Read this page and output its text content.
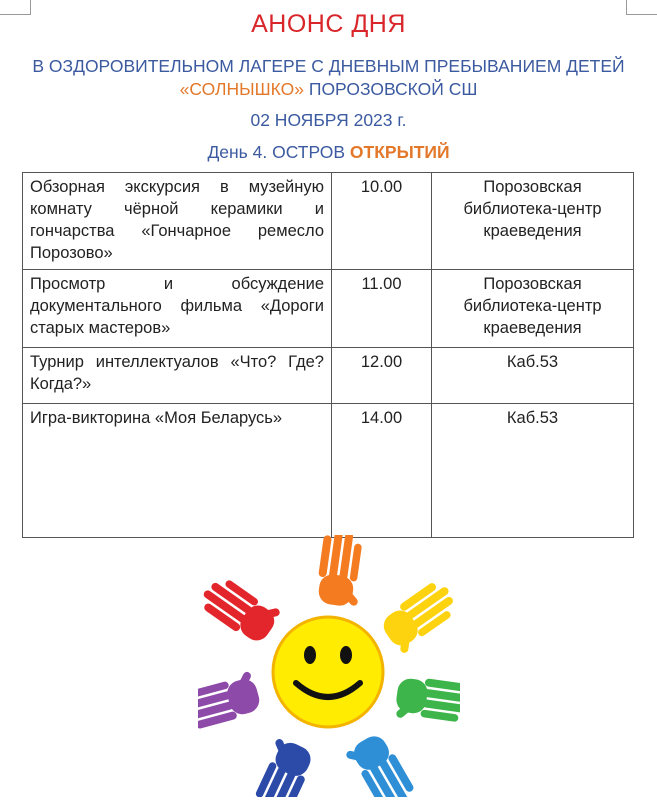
АНОНС ДНЯ
В ОЗДОРОВИТЕЛЬНОМ ЛАГЕРЕ С ДНЕВНЫМ ПРЕБЫВАНИЕМ ДЕТЕЙ
«СОЛНЫШКО» ПОРОЗОВСКОЙ СШ
02 НОЯБРЯ 2023 г.
День 4. ОСТРОВ ОТКРЫТИЙ
Обзорная экскурсия в музейную комнату чёрной керамики и гончарства «Гончарное ремесло Порозово»	10.00	Порозовская библиотека-центр краеведения
Просмотр и обсуждение документального фильма «Дороги старых мастеров»	11.00	Порозовская библиотека-центр краеведения
Турнир интеллектуалов «Что? Где? Когда?»	12.00	Каб.53
Игра-викторина «Моя Беларусь»	14.00	Каб.53
